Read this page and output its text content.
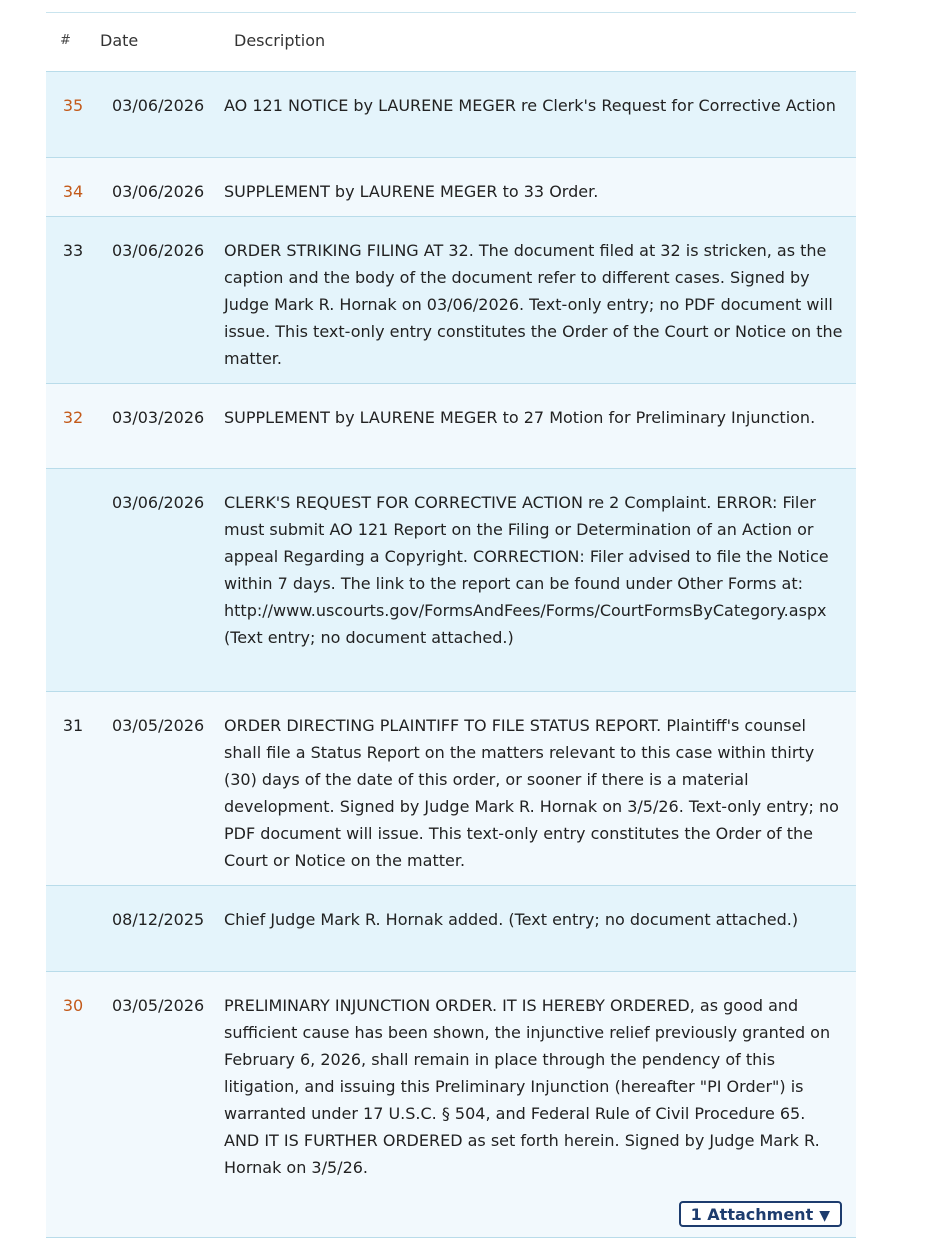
# Date	Description
35	03/06/2026 AO 121 NOTICE by LAURENE MEGER re Clerk's Request for Corrective Action
34	03/06/2026 SUPPLEMENT by LAURENE MEGER to 33 Order.
33	03/06/2026 ORDER STRIKING FILING AT 32. The document filed at 32 is stricken, as the caption and the body of the document refer to different cases. Signed by Judge Mark R. Hornak on 03/06/2026. Text-only entry; no PDF document will issue. This text-only entry constitutes the Order of the Court or Notice on the matter.
32	03/03/2026 SUPPLEMENT by LAURENE MEGER to 27 Motion for Preliminary Injunction.
03/06/2026 CLERK'S REQUEST FOR CORRECTIVE ACTION re 2 Complaint. ERROR: Filer must submit AO 121 Report on the Filing or Determination of an Action or appeal Regarding a Copyright. CORRECTION: Filer advised to file the Notice within 7 days. The link to the report can be found under Other Forms at: http://www.uscourts.gov/FormsAndFees/Forms/CourtFormsByCategory.aspx (Text entry; no document attached.)
31	03/05/2026 ORDER DIRECTING PLAINTIFF TO FILE STATUS REPORT. Plaintiff's counsel shall file a Status Report on the matters relevant to this case within thirty (30) days of the date of this order, or sooner if there is a material development. Signed by Judge Mark R. Hornak on 3/5/26. Text-only entry; no PDF document will issue. This text-only entry constitutes the Order of the Court or Notice on the matter.
08/12/2025 Chief Judge Mark R. Hornak added. (Text entry; no document attached.)
30	03/05/2026 PRELIMINARY INJUNCTION ORDER. IT IS HEREBY ORDERED, as good and sufficient cause has been shown, the injunctive relief previously granted on February 6, 2026, shall remain in place through the pendency of this litigation, and issuing this Preliminary Injunction (hereafter "PI Order") is warranted under 17 U.S.C. § 504, and Federal Rule of Civil Procedure 65. AND IT IS FURTHER ORDERED as set forth herein. Signed by Judge Mark R. Hornak on 3/5/26.
1 Attachment ▼
